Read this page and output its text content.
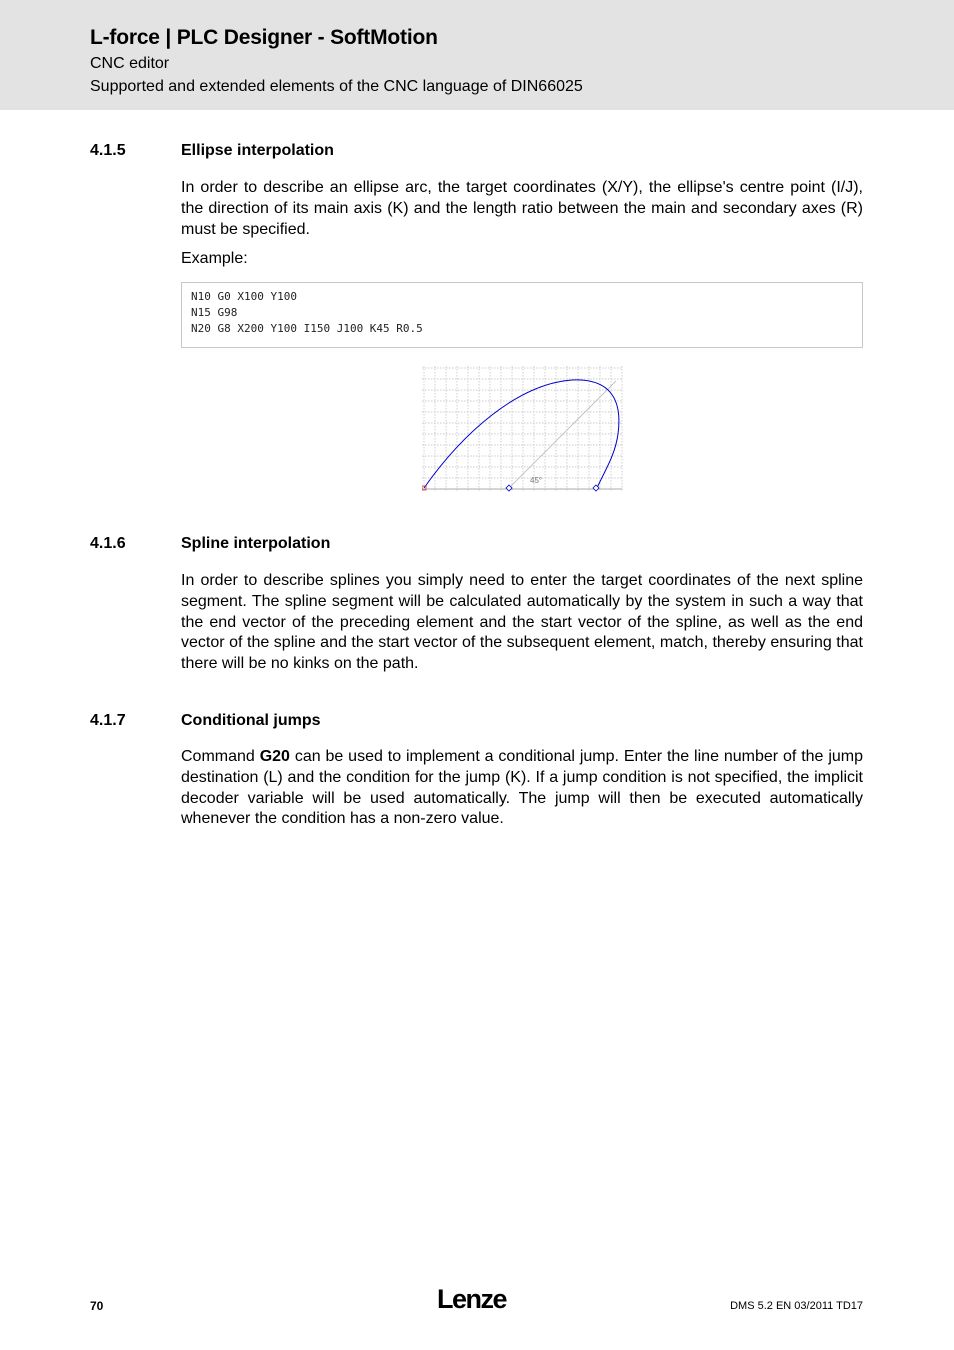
L-force | PLC Designer - SoftMotion
CNC editor
Supported and extended elements of the CNC language of DIN66025
4.1.5	Ellipse interpolation
In order to describe an ellipse arc, the target coordinates (X/Y), the ellipse's centre point (I/J), the direction of its main axis (K) and the length ratio between the main and secondary axes (R) must be specified.
Example:
N10 G0 X100 Y100
N15 G98
N20 G8 X200 Y100 I150 J100 K45 R0.5
45°
4.1.6	Spline interpolation
In order to describe splines you simply need to enter the target coordinates of the next spline segment. The spline segment will be calculated automatically by the system in such a way that the end vector of the preceding element and the start vector of the spline, as well as the end vector of the spline and the start vector of the subsequent element, match, thereby ensuring that there will be no kinks on the path.
4.1.7	Conditional jumps
Command G20 can be used to implement a conditional jump. Enter the line number of the jump destination (L) and the condition for the jump (K). If a jump condition is not specified, the implicit decoder variable will be used automatically. The jump will then be executed automatically whenever the condition has a non-zero value.
70	Lenze	DMS 5.2 EN 03/2011 TD17
